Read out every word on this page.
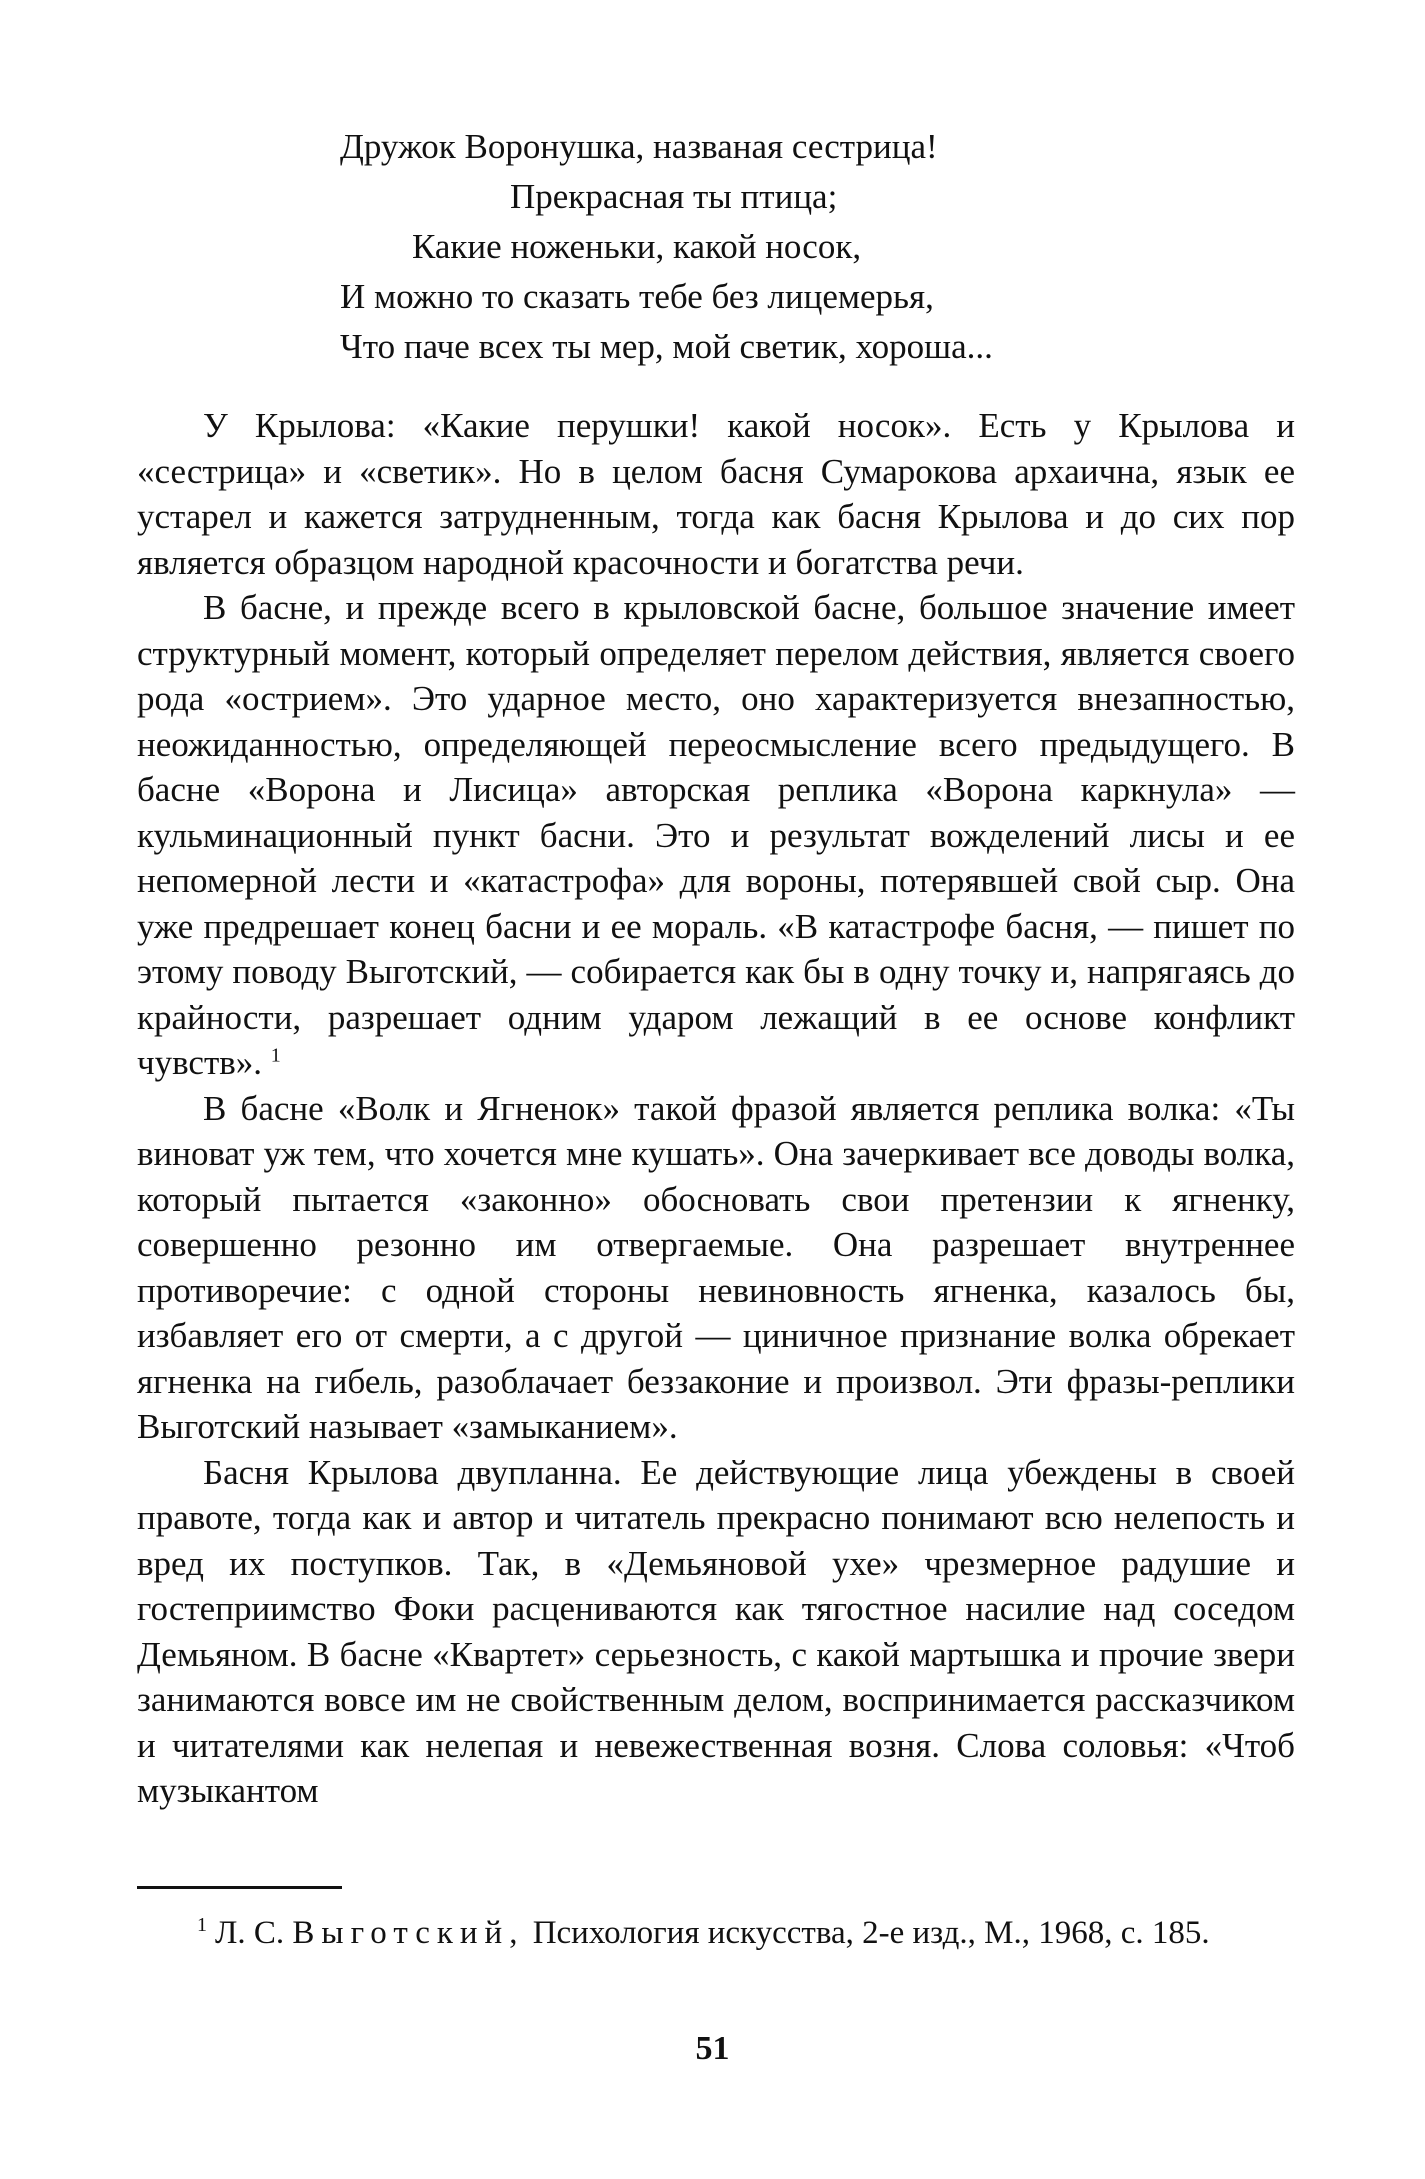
Дружок Воронушка, названая сестрица!
Прекрасная ты птица;
Какие ноженьки, какой носок,
И можно то сказать тебе без лицемерья,
Что паче всех ты мер, мой светик, хороша...

У Крылова: «Какие перушки! какой носок». Есть у Крылова и «сестрица» и «светик». Но в целом басня Сумарокова архаична, язык ее устарел и кажется затрудненным, тогда как басня Крылова и до сих пор является образцом народной красочности и богатства речи.

В басне, и прежде всего в крыловской басне, большое значение имеет структурный момент, который определяет перелом действия, является своего рода «острием». Это ударное место, оно характеризуется внезапностью, неожиданностью, определяющей переосмысление всего предыдущего. В басне «Ворона и Лисица» авторская реплика «Ворона каркнула» — кульминационный пункт басни. Это и результат вожделений лисы и ее непомерной лести и «катастрофа» для вороны, потерявшей свой сыр. Она уже предрешает конец басни и ее мораль. «В катастрофе басня, — пишет по этому поводу Выготский, — собирается как бы в одну точку и, напрягаясь до крайности, разрешает одним ударом лежащий в ее основе конфликт чувств». $^1$

В басне «Волк и Ягненок» такой фразой является реплика волка: «Ты виноват уж тем, что хочется мне кушать». Она зачеркивает все доводы волка, который пытается «законно» обосновать свои претензии к ягненку, совершенно резонно им отвергаемые. Она разрешает внутреннее противоречие: с одной стороны невиновность ягненка, казалось бы, избавляет его от смерти, а с другой — циничное признание волка обрекает ягненка на гибель, разоблачает беззаконие и произвол. Эти фразы-реплики Выготский называет «замыканием».

Басня Крылова двупланна. Ее действующие лица убеждены в своей правоте, тогда как и автор и читатель прекрасно понимают всю нелепость и вред их поступков. Так, в «Демьяновой ухе» чрезмерное радушие и гостеприимство Фоки расцениваются как тягостное насилие над соседом Демьяном. В басне «Квартет» серьезность, с какой мартышка и прочие звери занимаются вовсе им не свойственным делом, воспринимается рассказчиком и читателями как нелепая и невежественная возня. Слова соловья: «Чтоб музыкантом

$^1$ Л. С. Выготский, Психология искусства, 2-е изд., М., 1968, с. 185.
51
